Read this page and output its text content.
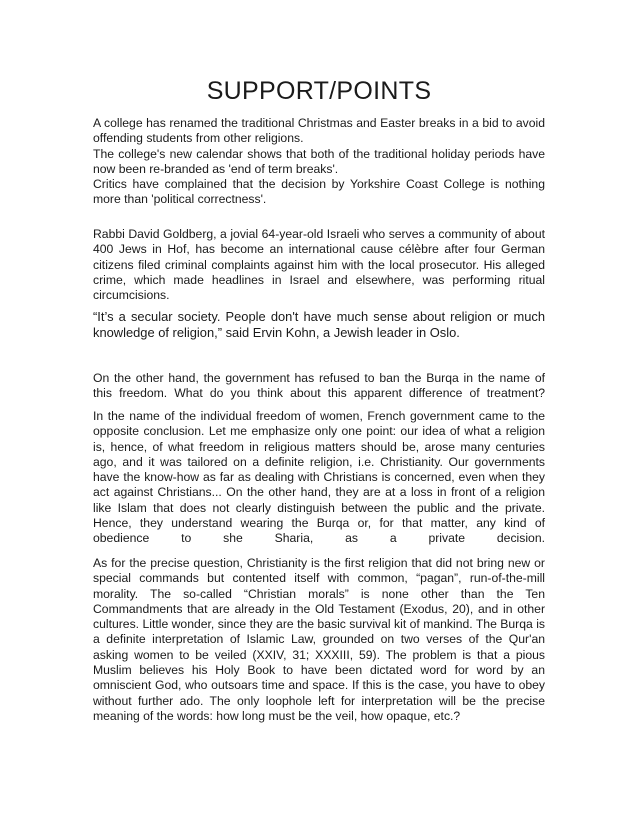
SUPPORT/POINTS

A college has renamed the traditional Christmas and Easter breaks in a bid to avoid offending students from other religions.

The college's new calendar shows that both of the traditional holiday periods have now been re-branded as 'end of term breaks'.

Critics have complained that the decision by Yorkshire Coast College is nothing more than 'political correctness'.

Rabbi David Goldberg, a jovial 64-year-old Israeli who serves a community of about 400 Jews in Hof, has become an international cause célèbre after four German citizens filed criminal complaints against him with the local prosecutor. His alleged crime, which made headlines in Israel and elsewhere, was performing ritual circumcisions.

“It’s a secular society. People don't have much sense about religion or much knowledge of religion,” said Ervin Kohn, a Jewish leader in Oslo.

On the other hand, the government has refused to ban the Burqa in the name of this freedom. What do you think about this apparent difference of treatment?

In the name of the individual freedom of women, French government came to the opposite conclusion. Let me emphasize only one point: our idea of what a religion is, hence, of what freedom in religious matters should be, arose many centuries ago, and it was tailored on a definite religion, i.e. Christianity. Our governments have the know-how as far as dealing with Christians is concerned, even when they act against Christians... On the other hand, they are at a loss in front of a religion like Islam that does not clearly distinguish between the public and the private. Hence, they understand wearing the Burqa or, for that matter, any kind of obedience to she Sharia, as a private decision.

As for the precise question, Christianity is the first religion that did not bring new or special commands but contented itself with common, “pagan”, run-of-the-mill morality. The so-called “Christian morals” is none other than the Ten Commandments that are already in the Old Testament (Exodus, 20), and in other cultures. Little wonder, since they are the basic survival kit of mankind. The Burqa is a definite interpretation of Islamic Law, grounded on two verses of the Qur'an asking women to be veiled (XXIV, 31; XXXIII, 59). The problem is that a pious Muslim believes his Holy Book to have been dictated word for word by an omniscient God, who outsoars time and space. If this is the case, you have to obey without further ado. The only loophole left for interpretation will be the precise meaning of the words: how long must be the veil, how opaque, etc.?
